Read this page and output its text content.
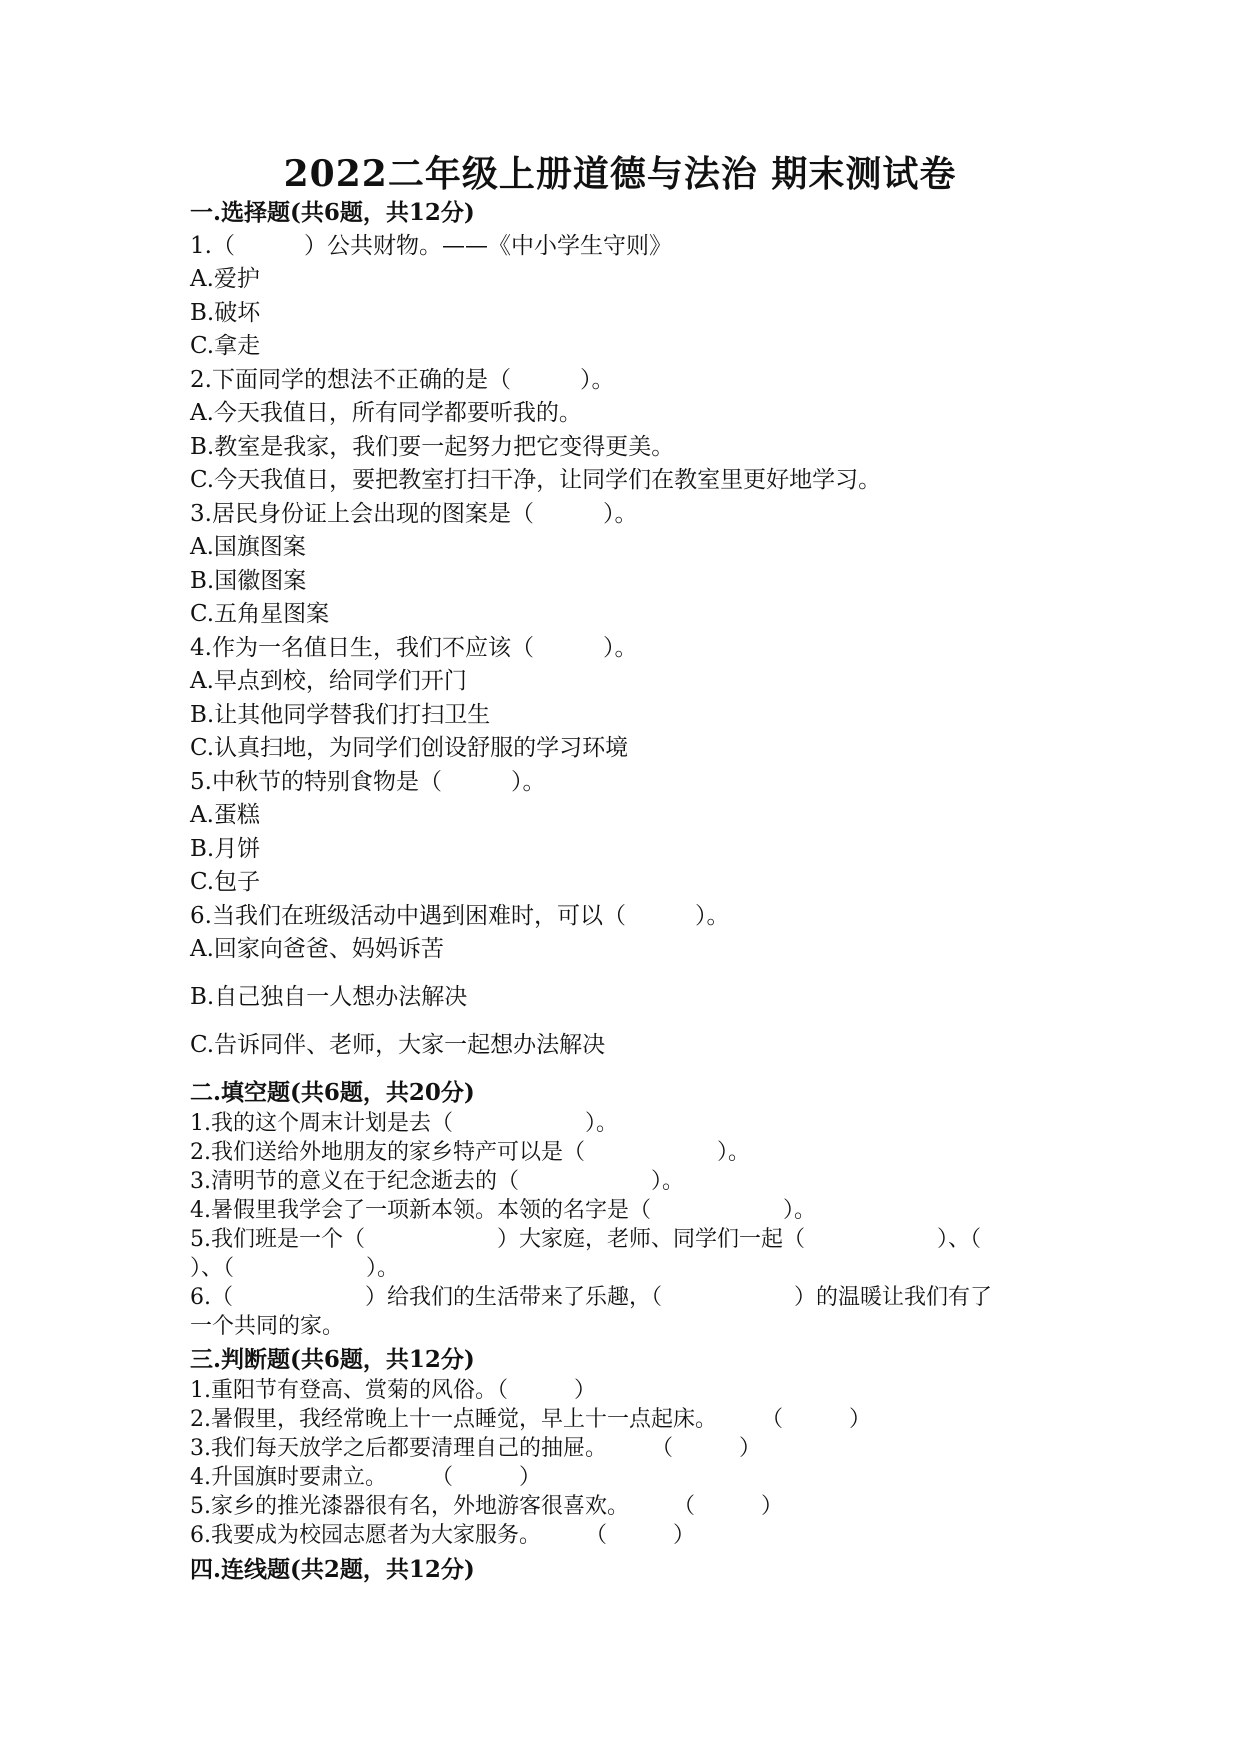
2022二年级上册道德与法治 期末测试卷
一.选择题(共6题，共12分)
1.（　　　）公共财物。——《中小学生守则》
A.爱护
B.破坏
C.拿走
2.下面同学的想法不正确的是（　　　）。
A.今天我值日，所有同学都要听我的。
B.教室是我家，我们要一起努力把它变得更美。
C.今天我值日，要把教室打扫干净，让同学们在教室里更好地学习。
3.居民身份证上会出现的图案是（　　　）。
A.国旗图案
B.国徽图案
C.五角星图案
4.作为一名值日生，我们不应该（　　　）。
A.早点到校，给同学们开门
B.让其他同学替我们打扫卫生
C.认真扫地，为同学们创设舒服的学习环境
5.中秋节的特别食物是（　　　）。
A.蛋糕
B.月饼
C.包子
6.当我们在班级活动中遇到困难时，可以（　　　）。
A.回家向爸爸、妈妈诉苦
B.自己独自一人想办法解决
C.告诉同伴、老师，大家一起想办法解决
二.填空题(共6题，共20分)
1.我的这个周末计划是去（　　　　　　）。
2.我们送给外地朋友的家乡特产可以是（　　　　　　）。
3.清明节的意义在于纪念逝去的（　　　　　　）。
4.暑假里我学会了一项新本领。本领的名字是（　　　　　　）。
5.我们班是一个（　　　　　　）大家庭，老师、同学们一起（　　　　　　）、（
）、（　　　　　　）。
6.（　　　　　　）给我们的生活带来了乐趣，（　　　　　　）的温暖让我们有了
一个共同的家。
三.判断题(共6题，共12分)
1.重阳节有登高、赏菊的风俗。（　　　）
2.暑假里，我经常晚上十一点睡觉，早上十一点起床。　　　（　　　）
3.我们每天放学之后都要清理自己的抽屉。　　　（　　　）
4.升国旗时要肃立。　　　（　　　）
5.家乡的推光漆器很有名，外地游客很喜欢。　　　（　　　）
6.我要成为校园志愿者为大家服务。　　　（　　　）
四.连线题(共2题，共12分)
